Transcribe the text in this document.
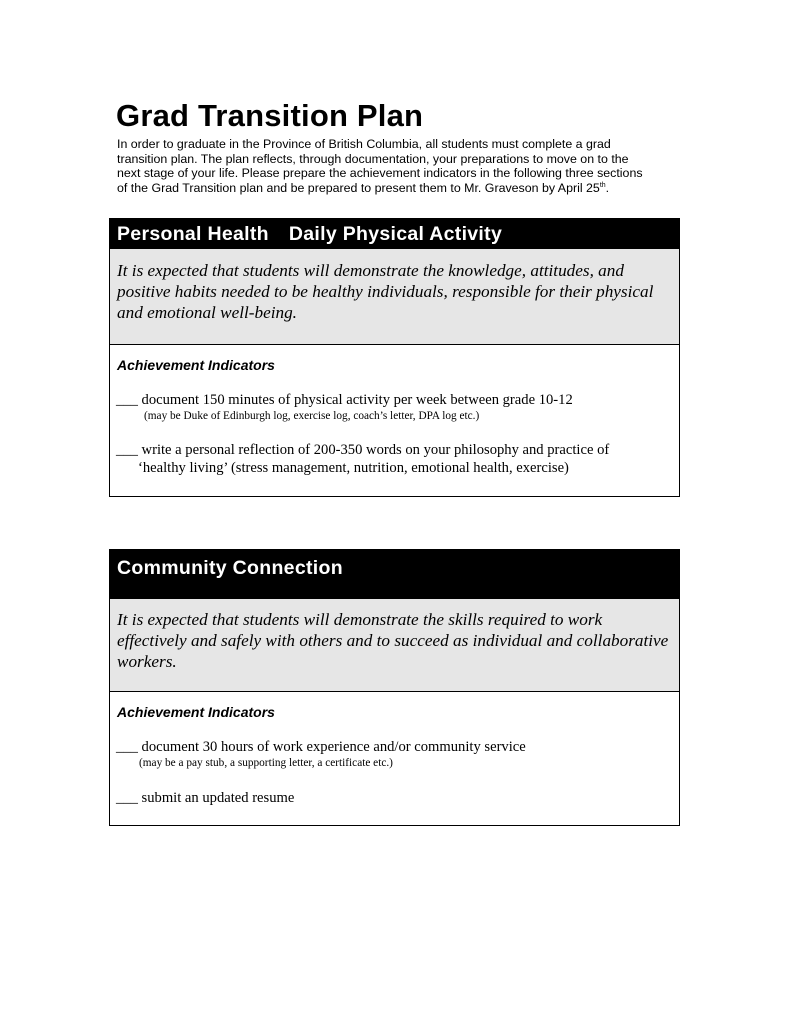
Grad Transition Plan

In order to graduate in the Province of British Columbia, all students must complete a grad
transition plan. The plan reflects, through documentation, your preparations to move on to the
next stage of your life. Please prepare the achievement indicators in the following three sections
of the Grad Transition plan and be prepared to present them to Mr. Graveson by April 25th.

Personal Health Daily Physical Activity
It is expected that students will demonstrate the knowledge, attitudes, and positive habits needed to be healthy individuals, responsible for their physical and emotional well-being.

Achievement Indicators

___ document 150 minutes of physical activity per week between grade 10-12
(may be Duke of Edinburgh log, exercise log, coach’s letter, DPA log etc.)
___ write a personal reflection of 200-350 words on your philosophy and practice of
‘healthy living’ (stress management, nutrition, emotional health, exercise)
Community Connection
It is expected that students will demonstrate the skills required to work effectively and safely with others and to succeed as individual and collaborative workers.

Achievement Indicators

___ document 30 hours of work experience and/or community service
(may be a pay stub, a supporting letter, a certificate etc.)
___ submit an updated resume
